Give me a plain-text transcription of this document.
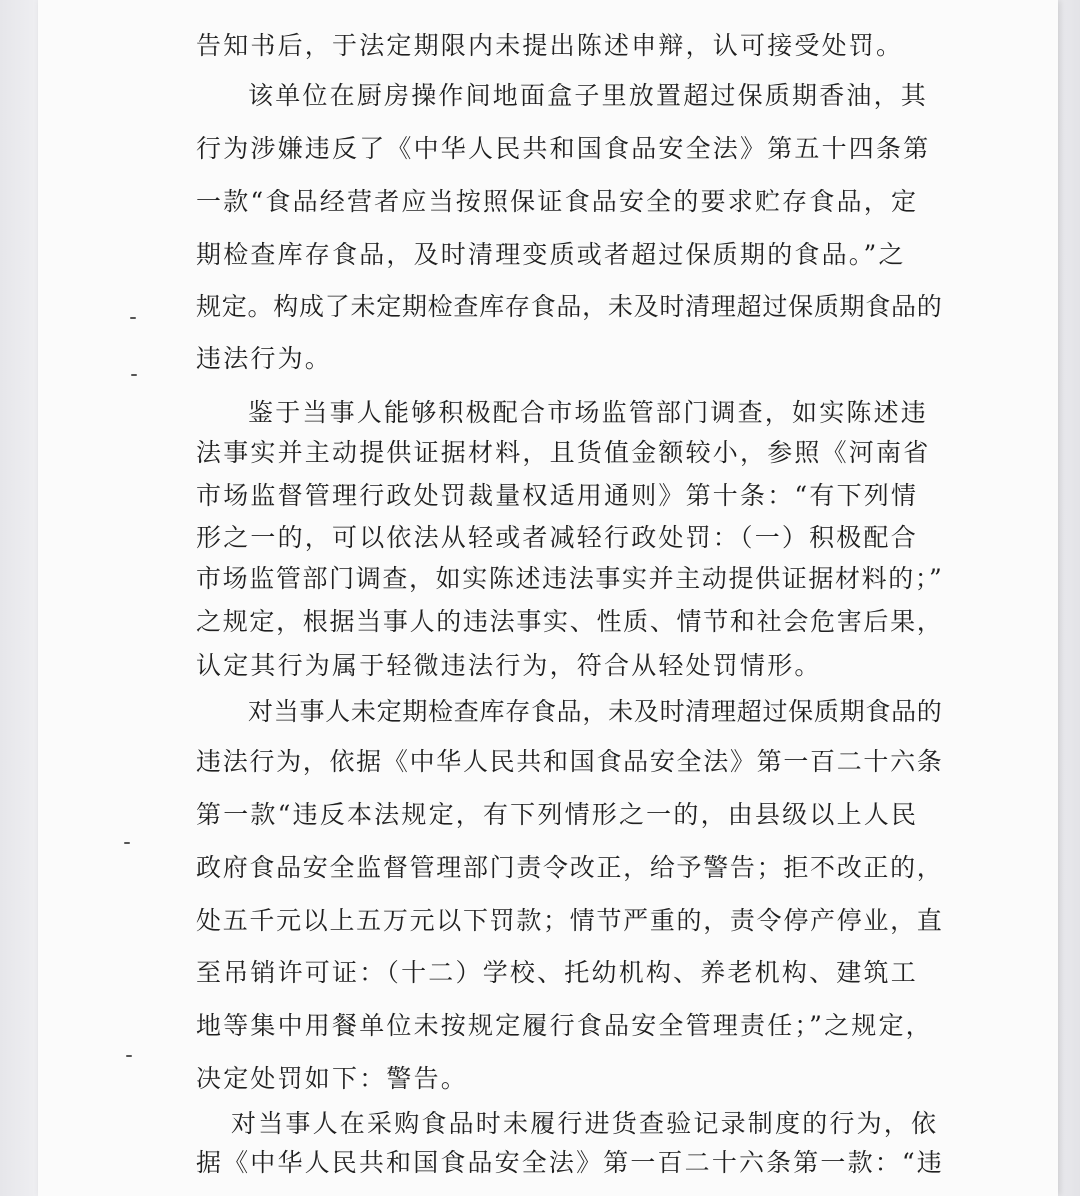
告知书后，于法定期限内未提出陈述申辩，认可接受处罚。

该单位在厨房操作间地面盒子里放置超过保质期香油，其

行为涉嫌违反了《中华人民共和国食品安全法》第五十四条第

一款“食品经营者应当按照保证食品安全的要求贮存食品，定

期检查库存食品，及时清理变质或者超过保质期的食品。”之

规定。构成了未定期检查库存食品，未及时清理超过保质期食品的

违法行为。

鉴于当事人能够积极配合市场监管部门调查，如实陈述违

法事实并主动提供证据材料，且货值金额较小，参照《河南省

市场监督管理行政处罚裁量权适用通则》第十条：“有下列情

形之一的，可以依法从轻或者减轻行政处罚：（一）积极配合

市场监管部门调查，如实陈述违法事实并主动提供证据材料的；”

之规定，根据当事人的违法事实、性质、情节和社会危害后果，

认定其行为属于轻微违法行为，符合从轻处罚情形。

对当事人未定期检查库存食品，未及时清理超过保质期食品的

违法行为，依据《中华人民共和国食品安全法》第一百二十六条

第一款“违反本法规定，有下列情形之一的，由县级以上人民

政府食品安全监督管理部门责令改正，给予警告；拒不改正的，

处五千元以上五万元以下罚款；情节严重的，责令停产停业，直

至吊销许可证：（十二）学校、托幼机构、养老机构、建筑工

地等集中用餐单位未按规定履行食品安全管理责任；”之规定，

决定处罚如下：警告。

对当事人在采购食品时未履行进货查验记录制度的行为，依

据《中华人民共和国食品安全法》第一百二十六条第一款：“违
